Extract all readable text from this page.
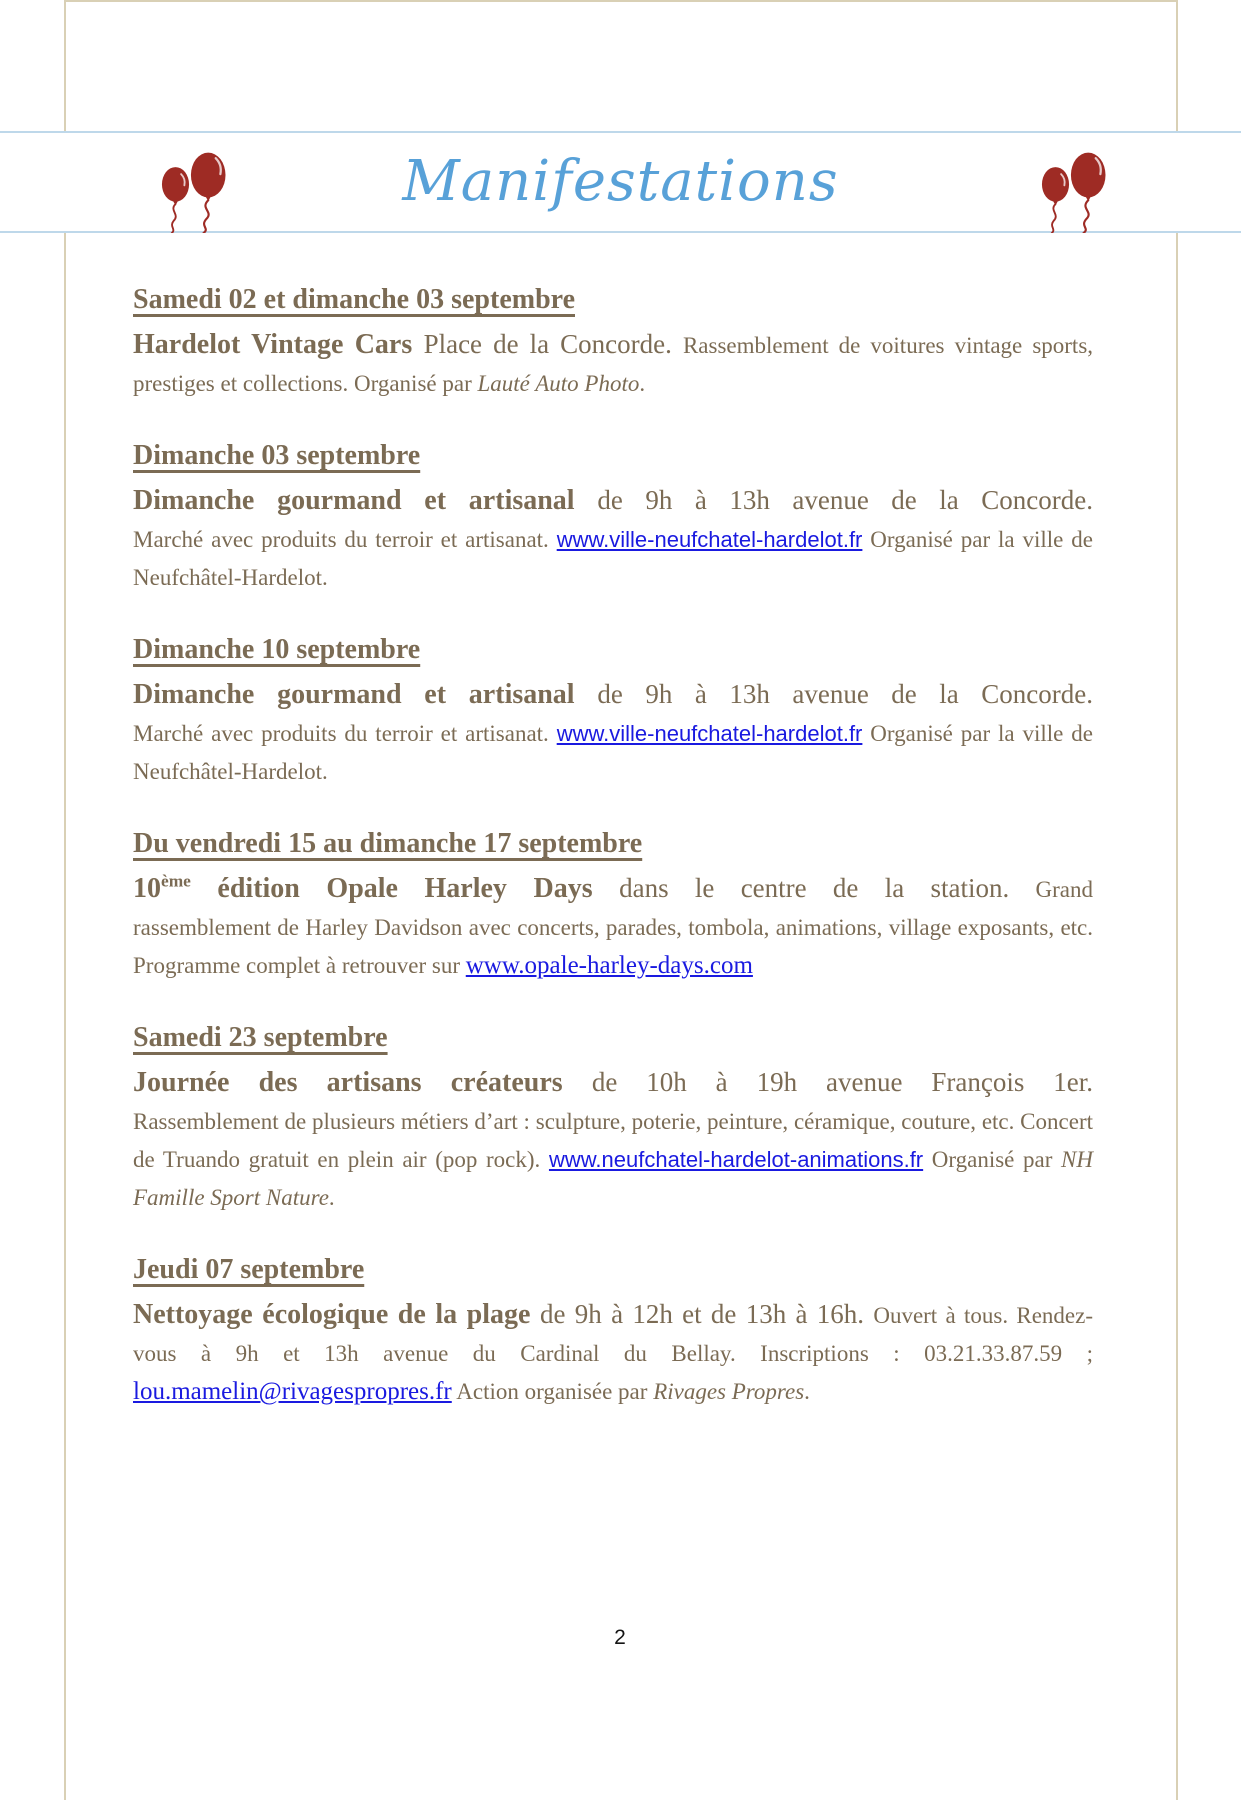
Manifestations
Samedi 02 et dimanche 03 septembre

Hardelot Vintage Cars Place de la Concorde. Rassemblement de voitures vintage sports, prestiges et collections. Organisé par Lauté Auto Photo.

Dimanche 03 septembre

Dimanche gourmand et artisanal de 9h à 13h avenue de la Concorde. Marché avec produits du terroir et artisanat. www.ville-neufchatel-hardelot.fr Organisé par la ville de Neufchâtel-Hardelot.

Dimanche 10 septembre

Dimanche gourmand et artisanal de 9h à 13h avenue de la Concorde. Marché avec produits du terroir et artisanat. www.ville-neufchatel-hardelot.fr Organisé par la ville de Neufchâtel-Hardelot.

Du vendredi 15 au dimanche 17 septembre

10ème édition Opale Harley Days dans le centre de la station. Grand rassemblement de Harley Davidson avec concerts, parades, tombola, animations, village exposants, etc. Programme complet à retrouver sur www.opale-harley-days.com

Samedi 23 septembre

Journée des artisans créateurs de 10h à 19h avenue François 1er. Rassemblement de plusieurs métiers d’art : sculpture, poterie, peinture, céramique, couture, etc. Concert de Truando gratuit en plein air (pop rock). www.neufchatel-hardelot-animations.fr Organisé par NH Famille Sport Nature.

Jeudi 07 septembre

Nettoyage écologique de la plage de 9h à 12h et de 13h à 16h. Ouvert à tous. Rendez-vous à 9h et 13h avenue du Cardinal du Bellay. Inscriptions : 03.21.33.87.59 ; lou.mamelin@rivagespropres.fr Action organisée par Rivages Propres.

2
